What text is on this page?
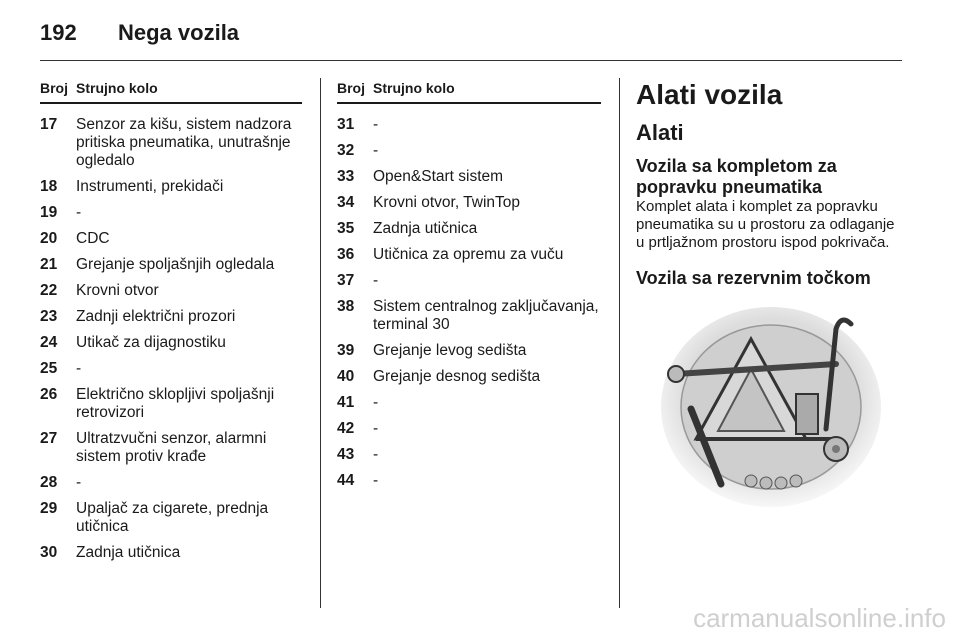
192 Nega vozila
Broj Strujno kolo
17	Senzor za kišu, sistem nadzora pritiska pneumatika, unutrašnje ogledalo
18	Instrumenti, prekidači
19	-
20	CDC
21	Grejanje spoljašnjih ogledala
22	Krovni otvor
23	Zadnji električni prozori
24	Utikač za dijagnostiku
25	-
26	Električno sklopljivi spoljašnji retrovizori
27	Ultratzvučni senzor, alarmni sistem protiv krađe
28	-
29	Upaljač za cigarete, prednja utičnica
30	Zadnja utičnica
Broj Strujno kolo
31	-
32	-
33	Open&Start sistem
34	Krovni otvor, TwinTop
35	Zadnja utičnica
36	Utičnica za opremu za vuču
37	-
38	Sistem centralnog zaključavanja, terminal 30
39	Grejanje levog sedišta
40	Grejanje desnog sedišta
41	-
42	-
43	-
44	-
Alati vozila
Alati
Vozila sa kompletom za popravku pneumatika

Komplet alata i komplet za popravku pneumatika su u prostoru za odlaganje u prtljažnom prostoru ispod pokrivača.

Vozila sa rezervnim točkom
carmanualsonline.info
